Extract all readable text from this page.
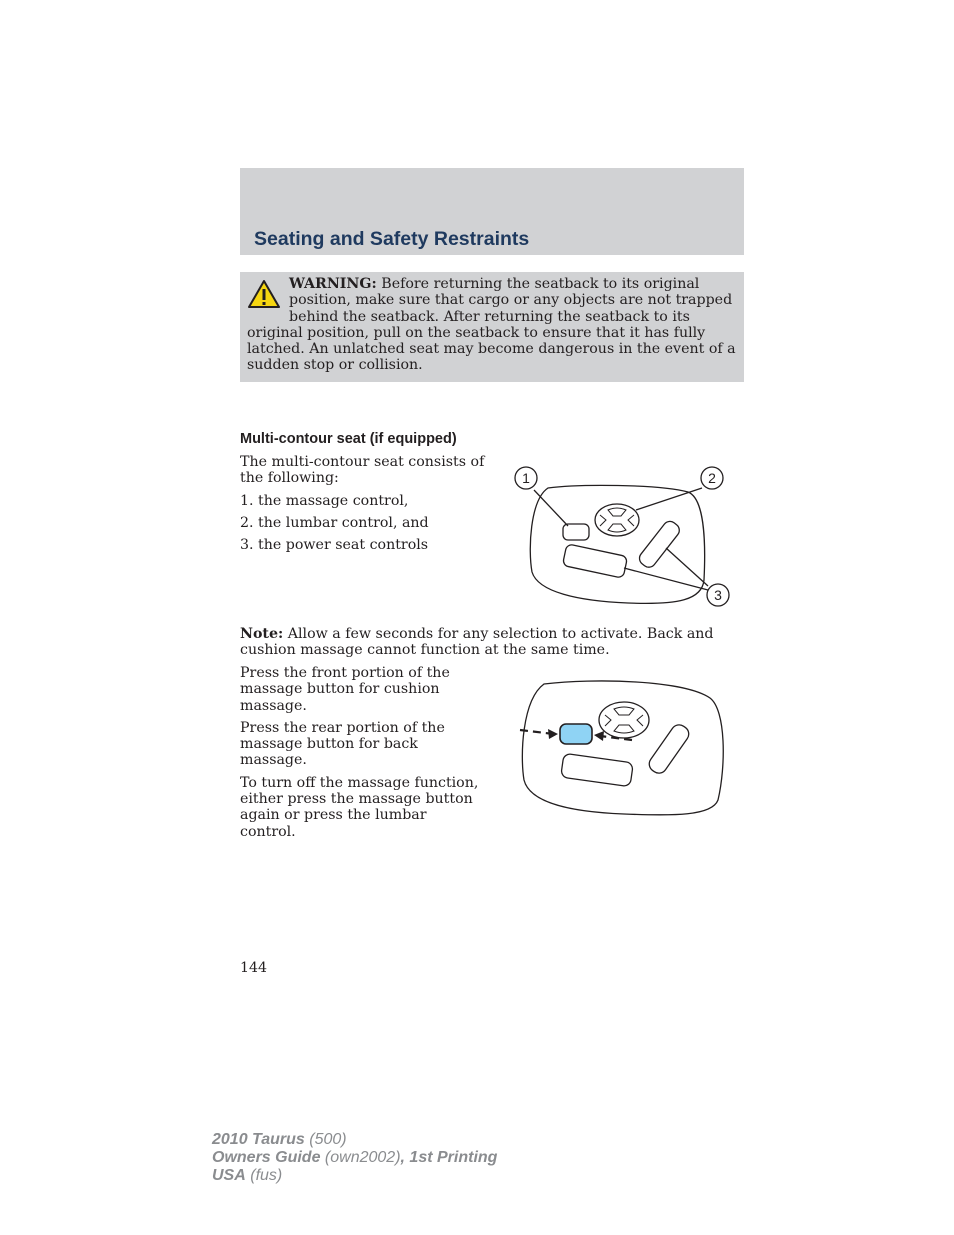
Seating and Safety Restraints
WARNING: Before returning the seatback to its original position, make sure that cargo or any objects are not trapped behind the seatback. After returning the seatback to its original position, pull on the seatback to ensure that it has fully latched. An unlatched seat may become dangerous in the event of a sudden stop or collision.
Multi-contour seat (if equipped)

The multi-contour seat consists of the following:

1. the massage control,
2. the lumbar control, and
3. the power seat controls
1	2
3

Note: Allow a few seconds for any selection to activate. Back and cushion massage cannot function at the same time.

Press the front portion of the massage button for cushion massage.

Press the rear portion of the massage button for back massage.

To turn off the massage function, either press the massage button again or press the lumbar control.

144
2010 Taurus (500)
Owners Guide (own2002), 1st Printing
USA (fus)
